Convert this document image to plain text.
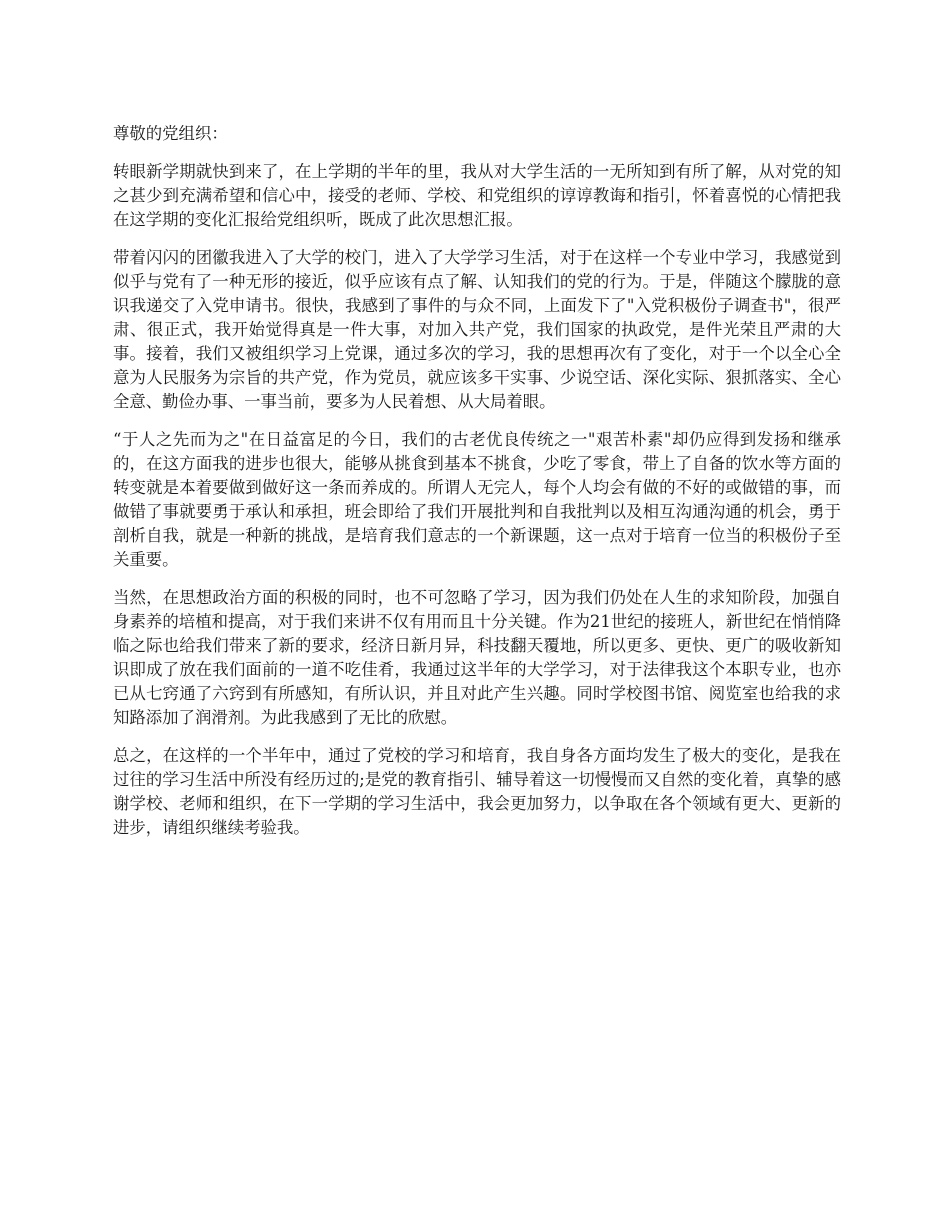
尊敬的党组织：

转眼新学期就快到来了，在上学期的半年的里，我从对大学生活的一无所知到有所了解，从对党的知之甚少到充满希望和信心中，接受的老师、学校、和党组织的谆谆教诲和指引，怀着喜悦的心情把我在这学期的变化汇报给党组织听，既成了此次思想汇报。

带着闪闪的团徽我进入了大学的校门，进入了大学学习生活，对于在这样一个专业中学习，我感觉到似乎与党有了一种无形的接近，似乎应该有点了解、认知我们的党的行为。于是，伴随这个朦胧的意识我递交了入党申请书。很快，我感到了事件的与众不同，上面发下了"入党积极份子调查书"，很严肃、很正式，我开始觉得真是一件大事，对加入共产党，我们国家的执政党，是件光荣且严肃的大事。接着，我们又被组织学习上党课，通过多次的学习，我的思想再次有了变化，对于一个以全心全意为人民服务为宗旨的共产党，作为党员，就应该多干实事、少说空话、深化实际、狠抓落实、全心全意、勤俭办事、一事当前，要多为人民着想、从大局着眼。

“于人之先而为之"在日益富足的今日，我们的古老优良传统之一"艰苦朴素"却仍应得到发扬和继承的，在这方面我的进步也很大，能够从挑食到基本不挑食，少吃了零食，带上了自备的饮水等方面的转变就是本着要做到做好这一条而养成的。所谓人无完人，每个人均会有做的不好的或做错的事，而做错了事就要勇于承认和承担，班会即给了我们开展批判和自我批判以及相互沟通沟通的机会，勇于剖析自我，就是一种新的挑战，是培育我们意志的一个新课题，这一点对于培育一位当的积极份子至关重要。

当然，在思想政治方面的积极的同时，也不可忽略了学习，因为我们仍处在人生的求知阶段，加强自身素养的培植和提高，对于我们来讲不仅有用而且十分关键。作为21世纪的接班人，新世纪在悄悄降临之际也给我们带来了新的要求，经济日新月异，科技翻天覆地，所以更多、更快、更广的吸收新知识即成了放在我们面前的一道不吃佳肴，我通过这半年的大学学习，对于法律我这个本职专业，也亦已从七窍通了六窍到有所感知，有所认识，并且对此产生兴趣。同时学校图书馆、阅览室也给我的求知路添加了润滑剂。为此我感到了无比的欣慰。

总之，在这样的一个半年中，通过了党校的学习和培育，我自身各方面均发生了极大的变化，是我在过往的学习生活中所没有经历过的;是党的教育指引、辅导着这一切慢慢而又自然的变化着，真挚的感谢学校、老师和组织，在下一学期的学习生活中，我会更加努力，以争取在各个领域有更大、更新的进步，请组织继续考验我。
